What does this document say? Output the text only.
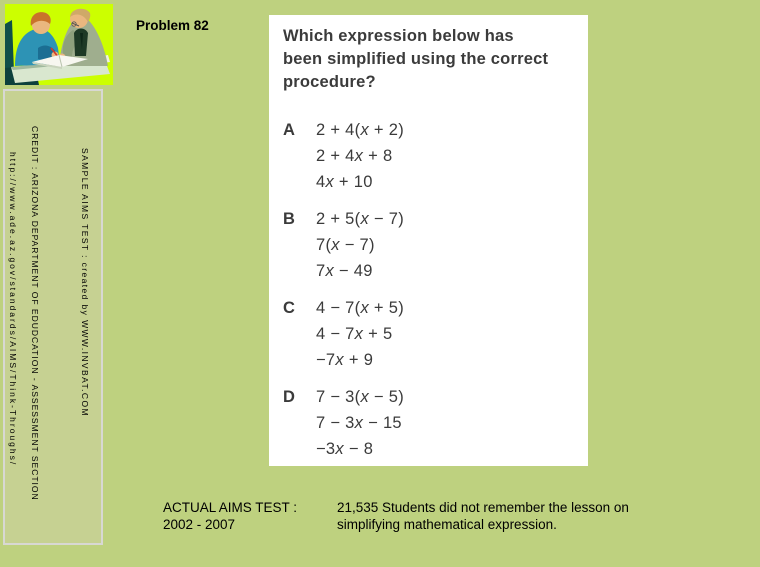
SAMPLE AIMS TEST : created by WWW.INVBAT.COM
CREDIT : ARIZONA DEPARTMENT OF EDUDCATION - ASSESSMENT SECTION
http://www.ade.az.gov/standards/AIMS/Think-Throughs/
Problem 82
Which expression below has
been simplified using the correct
procedure?
A	2 + 4(x + 2)
2 + 4x + 8
4x + 10
B	2 + 5(x − 7)
7(x − 7)
7x − 49
C	4 − 7(x + 5)
4 − 7x + 5
−7x + 9
D	7 − 3(x − 5)
7 − 3x − 15
−3x − 8
ACTUAL AIMS TEST :
2002 - 2007
21,535 Students did not remember the lesson on
simplifying mathematical expression.
